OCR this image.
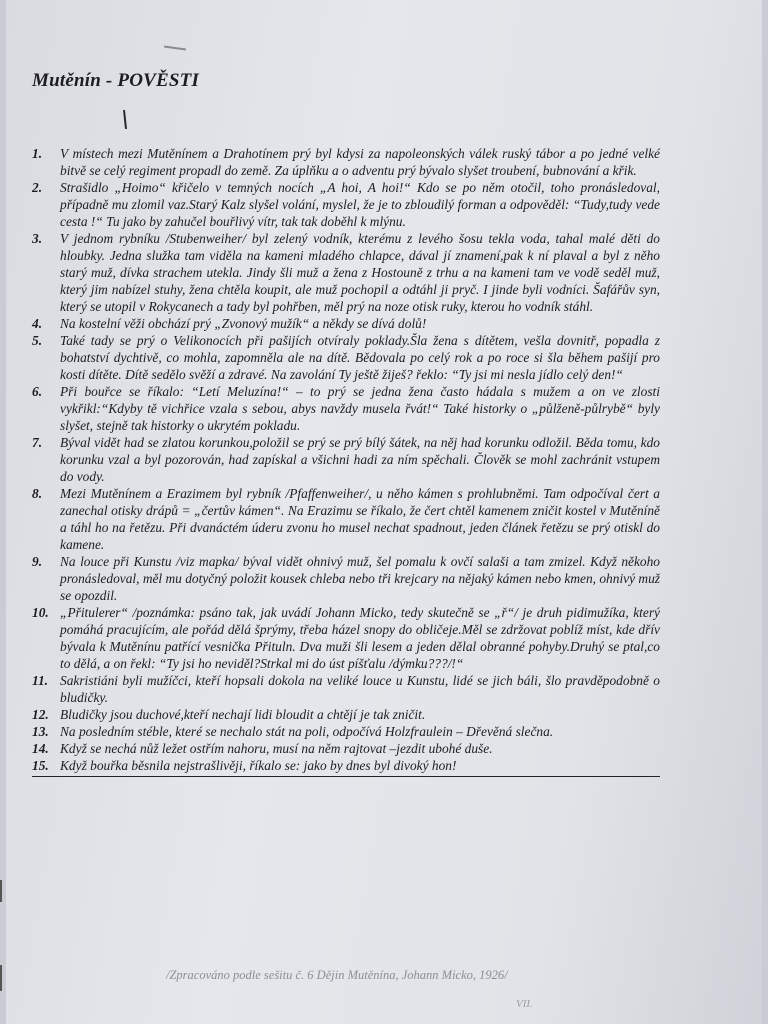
Mutěnín - POVĚSTI
1. V místech mezi Mutěnínem a Drahotínem prý byl kdysi za napoleonských válek ruský tábor a po jedné velké bitvě se celý regiment propadl do země. Za úplňku a o adventu prý bývalo slyšet troubení, bubnování a křik.
2. Strašidlo „Hoimo“ křičelo v temných nocích „A hoi, A hoi!“ Kdo se po něm otočil, toho pronásledoval, případně mu zlomil vaz.Starý Kalz slyšel volání, myslel, že je to zbloudilý forman a odpověděl: “Tudy,tudy vede cesta !“ Tu jako by zahučel bouřlivý vítr, tak tak doběhl k mlýnu.
3. V jednom rybníku /Stubenweiher/ byl zelený vodník, kterému z levého šosu tekla voda, tahal malé děti do hloubky. Jedna služka tam viděla na kameni mladého chlapce, dával jí znamení,pak k ní plaval a byl z něho starý muž, dívka strachem utekla. Jindy šli muž a žena z Hostouně z trhu a na kameni tam ve vodě seděl muž, který jim nabízel stuhy, žena chtěla koupit, ale muž pochopil a odtáhl ji pryč. I jinde byli vodníci. Šafářův syn, který se utopil v Rokycanech a tady byl pohřben, měl prý na noze otisk ruky, kterou ho vodník stáhl.
4. Na kostelní věži obchází prý „Zvonový mužík“ a někdy se dívá dolů!
5. Také tady se prý o Velikonocích při pašijích otvíraly poklady.Šla žena s dítětem, vešla dovnitř, popadla z bohatství dychtivě, co mohla, zapomněla ale na dítě. Bědovala po celý rok a po roce si šla během pašijí pro kosti dítěte. Dítě sedělo svěží a zdravé. Na zavolání Ty ještě žiješ? řeklo: “Ty jsi mi nesla jídlo celý den!“
6. Při bouřce se říkalo: “Letí Meluzína!“ – to prý se jedna žena často hádala s mužem a on ve zlosti vykřikl:“Kdyby tě vichřice vzala s sebou, abys navždy musela řvát!“ Také historky o „půlženě-půlrybě“ byly slyšet, stejně tak historky o ukrytém pokladu.
7. Býval vidět had se zlatou korunkou,položil se prý se prý bílý šátek, na něj had korunku odložil. Běda tomu, kdo korunku vzal a byl pozorován, had zapískal a všichni hadi za ním spěchali. Člověk se mohl zachránit vstupem do vody.
8. Mezi Mutěnínem a Erazimem byl rybník /Pfaffenweiher/, u něho kámen s prohlubněmi. Tam odpočíval čert a zanechal otisky drápů = „čertův kámen“. Na Erazimu se říkalo, že čert chtěl kamenem zničit kostel v Mutěníně a táhl ho na řetězu. Při dvanáctém úderu zvonu ho musel nechat spadnout, jeden článek řetězu se prý otiskl do kamene.
9. Na louce při Kunstu /viz mapka/ býval vidět ohnivý muž, šel pomalu k ovčí salaši a tam zmizel. Když někoho pronásledoval, měl mu dotyčný položit kousek chleba nebo tři krejcary na nějaký kámen nebo kmen, ohnivý muž se opozdil.
10. „Přitulerer“ /poznámka: psáno tak, jak uvádí Johann Micko, tedy skutečně se „ř“/ je druh pidimužíka, který pomáhá pracujícím, ale pořád dělá šprýmy, třeba házel snopy do obličeje.Měl se zdržovat poblíž míst, kde dřív bývala k Mutěnínu patřící vesnička Přituln. Dva muži šli lesem a jeden dělal obranné pohyby.Druhý se ptal,co to dělá, a on řekl: “Ty jsi ho neviděl?Strkal mi do úst píšťalu /dýmku???/!“
11. Sakristiáni byli mužíčci, kteří hopsali dokola na veliké louce u Kunstu, lidé se jich báli, šlo pravděpodobně o bludičky.
12. Bludičky jsou duchové,kteří nechají lidi bloudit a chtějí je tak zničit.
13. Na posledním stéble, které se nechalo stát na poli, odpočívá Holzfraulein – Dřevěná slečna.
14. Když se nechá nůž ležet ostřím nahoru, musí na něm rajtovat –jezdit ubohé duše.
15. Když bouřka běsnila nejstrašlivěji, říkalo se: jako by dnes byl divoký hon!
/Zpracováno podle sešitu č. 6 Dějin Mutěnína, Johann Micko, 1926/
VII.
